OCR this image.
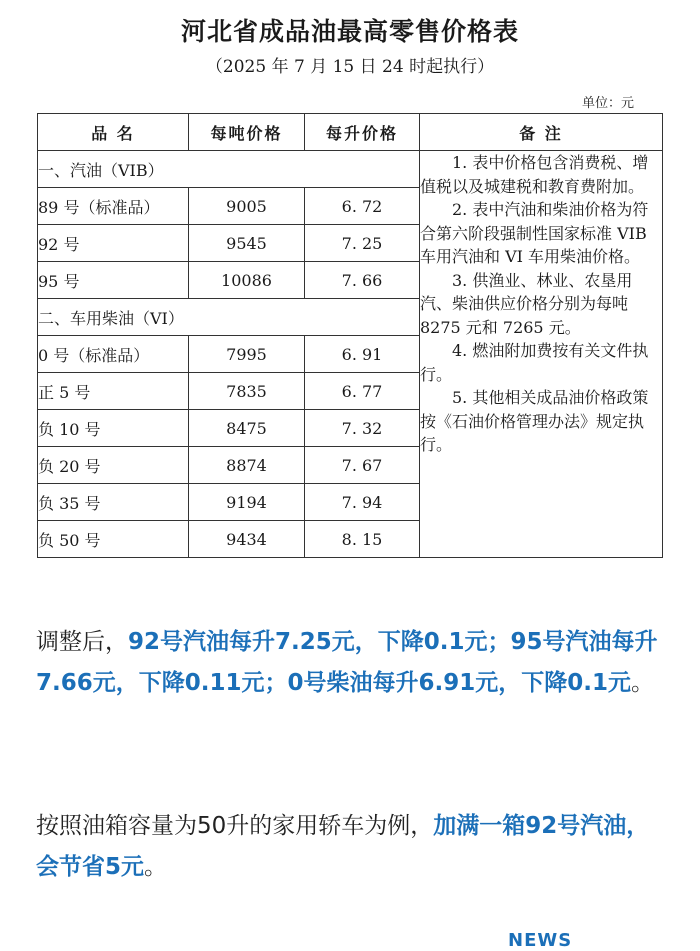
河北省成品油最高零售价格表
（2025 年 7 月 15 日 24 时起执行）
单位：元
品 名	每吨价格	每升价格	备 注
一、汽油（VIB）			1. 表中价格包含消费税、增值税以及城建税和教育费附加。
2. 表中汽油和柴油价格为符合第六阶段强制性国家标准 VIB 车用汽油和 VI 车用柴油价格。
3. 供渔业、林业、农垦用汽、柴油供应价格分别为每吨 8275 元和 7265 元。
4. 燃油附加费按有关文件执行。
5. 其他相关成品油价格政策按《石油价格管理办法》规定执行。

89 号（标准品）	9005	6. 72	
92 号	9545	7. 25	
95 号	10086	7. 66	
二、车用柴油（VI）			
0 号（标准品）	7995	6. 91	
正 5 号	7835	6. 77	
负 10 号	8475	7. 32	
负 20 号	8874	7. 67	
负 35 号	9194	7. 94	
负 50 号	9434	8. 15	
调整后，92号汽油每升7.25元，下降0.1元；95号汽油每升7.66元，下降0.11元；0号柴油每升6.91元，下降0.1元。
按照油箱容量为50升的家用轿车为例，加满一箱92号汽油，会节省5元。
NEWS
